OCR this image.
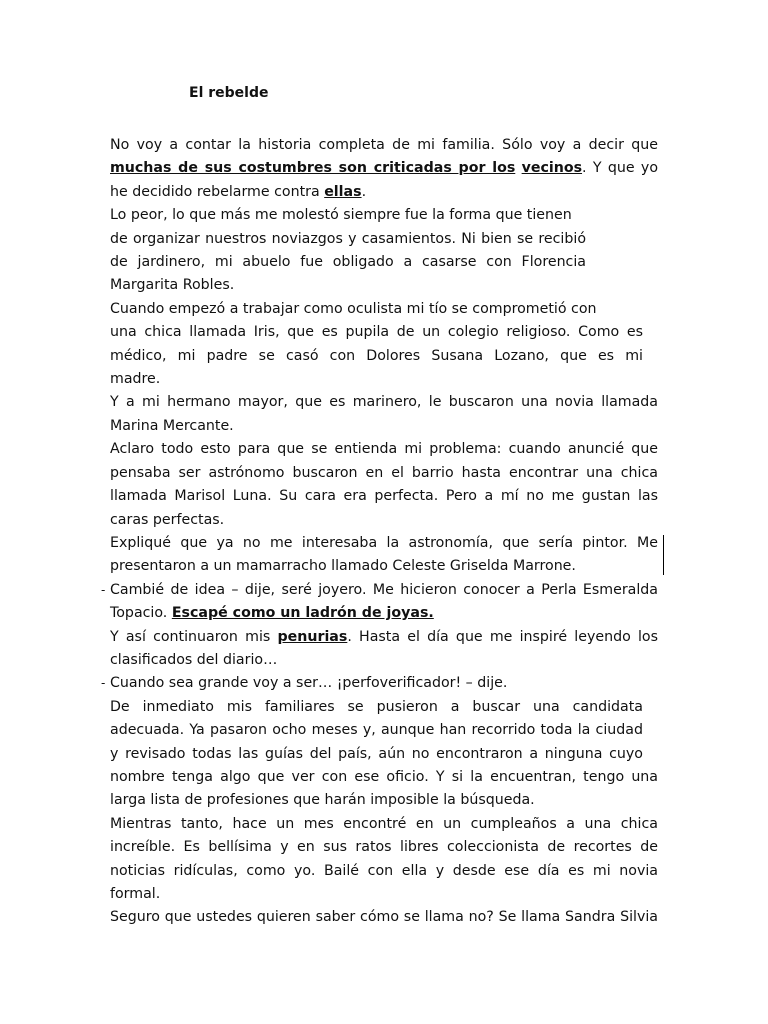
El rebelde

No voy a contar la historia completa de mi familia. Sólo voy a decir que
muchas de sus costumbres son criticadas por los vecinos. Y que yo
he decidido rebelarme contra ellas.

Lo peor, lo que más me molestó siempre fue la forma que tienen
de organizar nuestros noviazgos y casamientos. Ni bien se recibió
de jardinero, mi abuelo fue obligado a casarse con Florencia
Margarita Robles.

Cuando empezó a trabajar como oculista mi tío se comprometió con
una chica llamada Iris, que es pupila de un colegio religioso. Como es
médico, mi padre se casó con Dolores Susana Lozano, que es mi
madre.

Y a mi hermano mayor, que es marinero, le buscaron una novia llamada
Marina Mercante.

Aclaro todo esto para que se entienda mi problema: cuando anuncié que
pensaba ser astrónomo buscaron en el barrio hasta encontrar una chica
llamada Marisol Luna. Su cara era perfecta. Pero a mí no me gustan las
caras perfectas.

Expliqué que ya no me interesaba la astronomía, que sería pintor. Me
presentaron a un mamarracho llamado Celeste Griselda Marrone.

- Cambié de idea – dije, seré joyero. Me hicieron conocer a Perla Esmeralda
Topacio. Escapé como un ladrón de joyas.

Y así continuaron mis penurias. Hasta el día que me inspiré leyendo los
clasificados del diario…

- Cuando sea grande voy a ser… ¡perfoverificador! – dije.

De inmediato mis familiares se pusieron a buscar una candidata
adecuada. Ya pasaron ocho meses y, aunque han recorrido toda la ciudad
y revisado todas las guías del país, aún no encontraron a ninguna cuyo
nombre tenga algo que ver con ese oficio. Y si la encuentran, tengo una
larga lista de profesiones que harán imposible la búsqueda.

Mientras tanto, hace un mes encontré en un cumpleaños a una chica
increíble. Es bellísima y en sus ratos libres coleccionista de recortes de
noticias ridículas, como yo. Bailé con ella y desde ese día es mi novia
formal.

Seguro que ustedes quieren saber cómo se llama no? Se llama Sandra Silvia
